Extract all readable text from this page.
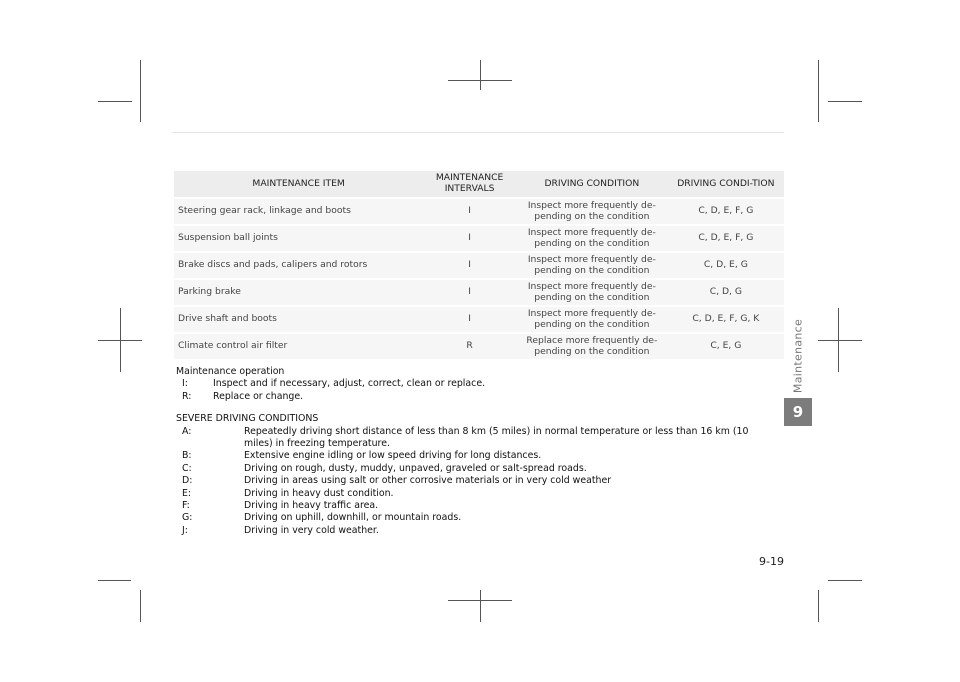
MAINTENANCE ITEM	MAINTENANCE INTERVALS	DRIVING CONDITION	DRIVING CONDI-TION
Steering gear rack, linkage and boots	I	Inspect more frequently de-pending on the condition	C, D, E, F, G
Suspension ball joints	I	Inspect more frequently de-pending on the condition	C, D, E, F, G
Brake discs and pads, calipers and rotors	I	Inspect more frequently de-pending on the condition	C, D, E, G
Parking brake	I	Inspect more frequently de-pending on the condition	C, D, G
Drive shaft and boots	I	Inspect more frequently de-pending on the condition	C, D, E, F, G, K
Climate control air filter	R	Replace more frequently de-pending on the condition	C, E, G
Maintenance operation
I:	Inspect and if necessary, adjust, correct, clean or replace.
R:	Replace or change.
SEVERE DRIVING CONDITIONS
A:	Repeatedly driving short distance of less than 8 km (5 miles) in normal temperature or less than 16 km (10 miles) in freezing temperature.
B:	Extensive engine idling or low speed driving for long distances.
C:	Driving on rough, dusty, muddy, unpaved, graveled or salt-spread roads.
D:	Driving in areas using salt or other corrosive materials or in very cold weather
E:	Driving in heavy dust condition.
F:	Driving in heavy traffic area.
G:	Driving on uphill, downhill, or mountain roads.
J:	Driving in very cold weather.
Maintenance
9
9-19
